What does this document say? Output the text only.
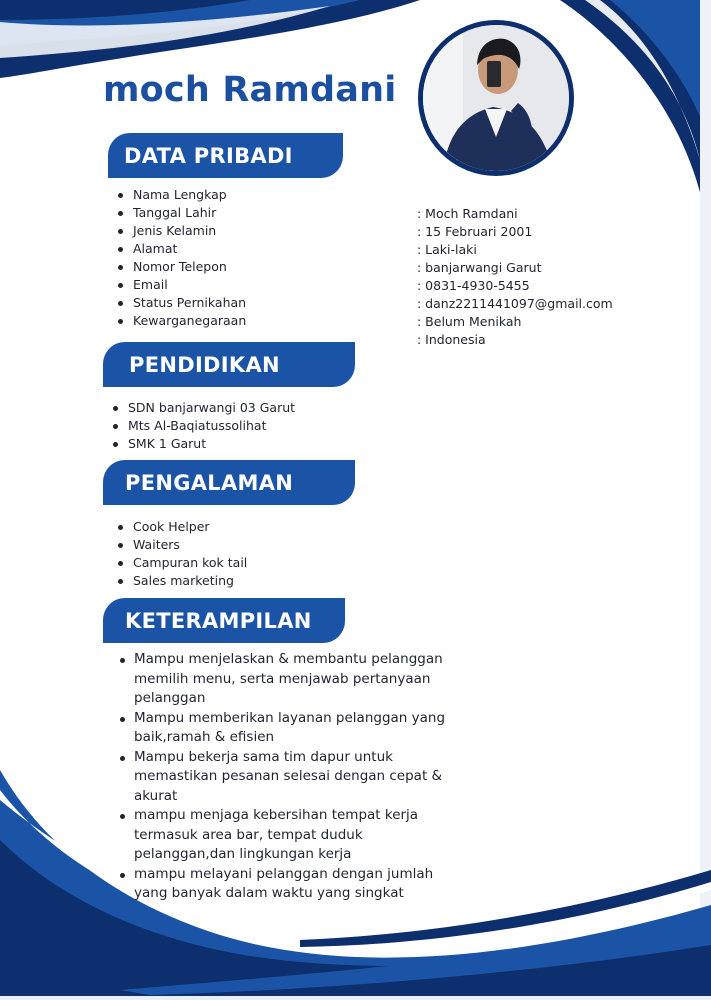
moch Ramdani
DATA PRIBADI
Nama Lengkap
Tanggal Lahir
Jenis Kelamin
Alamat
Nomor Telepon
Email
Status Pernikahan
Kewarganegaraan
: Moch Ramdani
: 15 Februari 2001
: Laki-laki
: banjarwangi Garut
: 0831-4930-5455
: danz2211441097@gmail.com
: Belum Menikah
: Indonesia
PENDIDIKAN
SDN banjarwangi 03 Garut
Mts Al-Baqiatussolihat
SMK 1 Garut
PENGALAMAN
Cook Helper
Waiters
Campuran kok tail
Sales marketing
KETERAMPILAN
Mampu menjelaskan & membantu pelanggan memilih menu, serta menjawab pertanyaan pelanggan
Mampu memberikan layanan pelanggan yang baik,ramah & efisien
Mampu bekerja sama tim dapur untuk memastikan pesanan selesai dengan cepat & akurat
mampu menjaga kebersihan tempat kerja termasuk area bar, tempat duduk pelanggan,dan lingkungan kerja
mampu melayani pelanggan dengan jumlah yang banyak dalam waktu yang singkat
